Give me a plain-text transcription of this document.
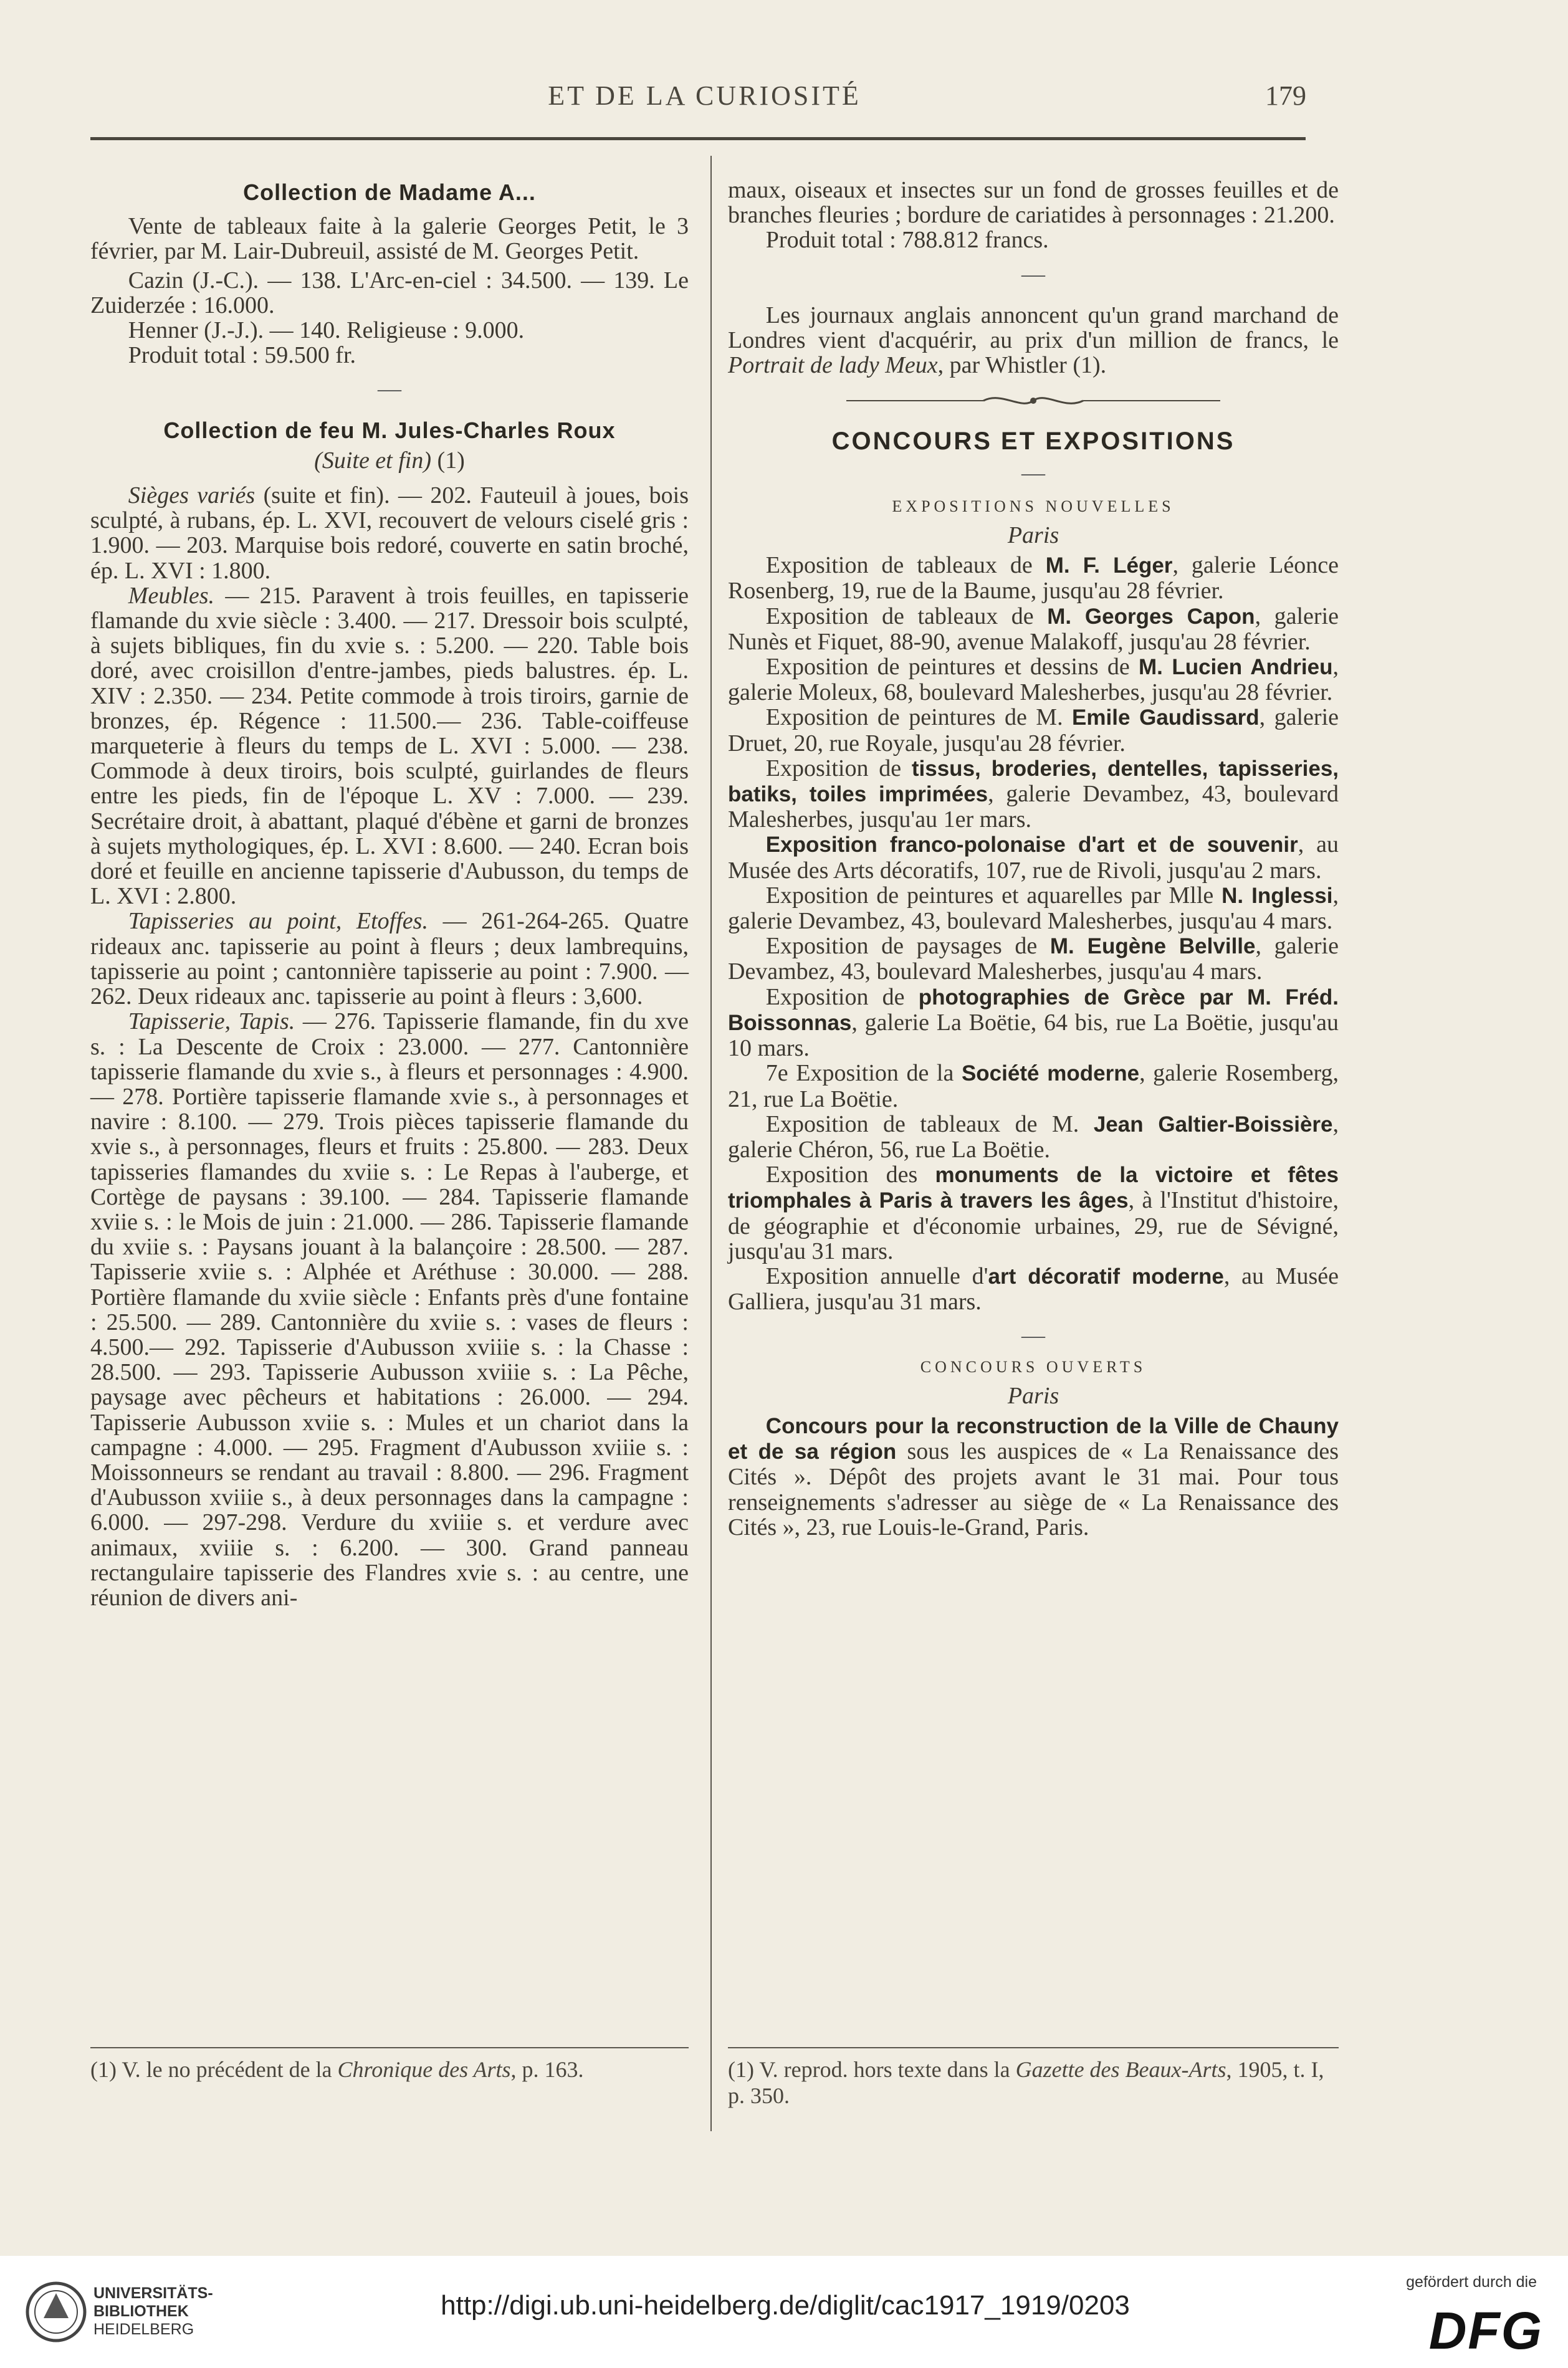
ET DE LA CURIOSITÉ	179
Collection de Madame A...

Vente de tableaux faite à la galerie Georges Petit, le 3 février, par M. Lair-Dubreuil, assisté de M. Georges Petit.

Cazin (J.-C.). — 138. L'Arc-en-ciel : 34.500. — 139. Le Zuiderzée : 16.000.

Henner (J.-J.). — 140. Religieuse : 9.000.

Produit total : 59.500 fr.

—
Collection de feu M. Jules-Charles Roux
(Suite et fin) (1)

Sièges variés (suite et fin). — 202. Fauteuil à joues, bois sculpté, à rubans, ép. L. XVI, recouvert de velours ciselé gris : 1.900. — 203. Marquise bois redoré, couverte en satin broché, ép. L. XVI : 1.800.

Meubles. — 215. Paravent à trois feuilles, en tapisserie flamande du xvie siècle : 3.400. — 217. Dressoir bois sculpté, à sujets bibliques, fin du xvie s. : 5.200. — 220. Table bois doré, avec croisillon d'entre-jambes, pieds balustres. ép. L. XIV : 2.350. — 234. Petite commode à trois tiroirs, garnie de bronzes, ép. Régence : 11.500.— 236. Table-coiffeuse marqueterie à fleurs du temps de L. XVI : 5.000. — 238. Commode à deux tiroirs, bois sculpté, guirlandes de fleurs entre les pieds, fin de l'époque L. XV : 7.000. — 239. Secrétaire droit, à abattant, plaqué d'ébène et garni de bronzes à sujets mythologiques, ép. L. XVI : 8.600. — 240. Ecran bois doré et feuille en ancienne tapisserie d'Aubusson, du temps de L. XVI : 2.800.

Tapisseries au point, Etoffes. — 261-264-265. Quatre rideaux anc. tapisserie au point à fleurs ; deux lambrequins, tapisserie au point ; cantonnière tapisserie au point : 7.900. — 262. Deux rideaux anc. tapisserie au point à fleurs : 3,600.

Tapisserie, Tapis. — 276. Tapisserie flamande, fin du xve s. : La Descente de Croix : 23.000. — 277. Cantonnière tapisserie flamande du xvie s., à fleurs et personnages : 4.900. — 278. Portière tapisserie flamande xvie s., à personnages et navire : 8.100. — 279. Trois pièces tapisserie flamande du xvie s., à personnages, fleurs et fruits : 25.800. — 283. Deux tapisseries flamandes du xviie s. : Le Repas à l'auberge, et Cortège de paysans : 39.100. — 284. Tapisserie flamande xviie s. : le Mois de juin : 21.000. — 286. Tapisserie flamande du xviie s. : Paysans jouant à la balançoire : 28.500. — 287. Tapisserie xviie s. : Alphée et Aréthuse : 30.000. — 288. Portière flamande du xviie siècle : Enfants près d'une fontaine : 25.500. — 289. Cantonnière du xviie s. : vases de fleurs : 4.500.— 292. Tapisserie d'Aubusson xviiie s. : la Chasse : 28.500. — 293. Tapisserie Aubusson xviiie s. : La Pêche, paysage avec pêcheurs et habitations : 26.000. — 294. Tapisserie Aubusson xviie s. : Mules et un chariot dans la campagne : 4.000. — 295. Fragment d'Aubusson xviiie s. : Moissonneurs se rendant au travail : 8.800. — 296. Fragment d'Aubusson xviiie s., à deux personnages dans la campagne : 6.000. — 297-298. Verdure du xviiie s. et verdure avec animaux, xviiie s. : 6.200. — 300. Grand panneau rectangulaire tapisserie des Flandres xvie s. : au centre, une réunion de divers ani-

(1) V. le no précédent de la Chronique des Arts, p. 163.

maux, oiseaux et insectes sur un fond de grosses feuilles et de branches fleuries ; bordure de cariatides à personnages : 21.200.

Produit total : 788.812 francs.

—

Les journaux anglais annoncent qu'un grand marchand de Londres vient d'acquérir, au prix d'un million de francs, le Portrait de lady Meux, par Whistler (1).

CONCOURS ET EXPOSITIONS
—
EXPOSITIONS NOUVELLES
Paris

Exposition de tableaux de M. F. Léger, galerie Léonce Rosenberg, 19, rue de la Baume, jusqu'au 28 février.

Exposition de tableaux de M. Georges Capon, galerie Nunès et Fiquet, 88-90, avenue Malakoff, jusqu'au 28 février.

Exposition de peintures et dessins de M. Lucien Andrieu, galerie Moleux, 68, boulevard Malesherbes, jusqu'au 28 février.

Exposition de peintures de M. Emile Gaudissard, galerie Druet, 20, rue Royale, jusqu'au 28 février.

Exposition de tissus, broderies, dentelles, tapisseries, batiks, toiles imprimées, galerie Devambez, 43, boulevard Malesherbes, jusqu'au 1er mars.

Exposition franco-polonaise d'art et de souvenir, au Musée des Arts décoratifs, 107, rue de Rivoli, jusqu'au 2 mars.

Exposition de peintures et aquarelles par Mlle N. Inglessi, galerie Devambez, 43, boulevard Malesherbes, jusqu'au 4 mars.

Exposition de paysages de M. Eugène Belville, galerie Devambez, 43, boulevard Malesherbes, jusqu'au 4 mars.

Exposition de photographies de Grèce par M. Fréd. Boissonnas, galerie La Boëtie, 64 bis, rue La Boëtie, jusqu'au 10 mars.

7e Exposition de la Société moderne, galerie Rosemberg, 21, rue La Boëtie.

Exposition de tableaux de M. Jean Galtier-Boissière, galerie Chéron, 56, rue La Boëtie.

Exposition des monuments de la victoire et fêtes triomphales à Paris à travers les âges, à l'Institut d'histoire, de géographie et d'économie urbaines, 29, rue de Sévigné, jusqu'au 31 mars.

Exposition annuelle d'art décoratif moderne, au Musée Galliera, jusqu'au 31 mars.

—
CONCOURS OUVERTS
Paris

Concours pour la reconstruction de la Ville de Chauny et de sa région sous les auspices de « La Renaissance des Cités ». Dépôt des projets avant le 31 mai. Pour tous renseignements s'adresser au siège de « La Renaissance des Cités », 23, rue Louis-le-Grand, Paris.

(1) V. reprod. hors texte dans la Gazette des Beaux-Arts, 1905, t. I, p. 350.
UNIVERSITÄTS-
BIBLIOTHEK
HEIDELBERG
http://digi.ub.uni-heidelberg.de/diglit/cac1917_1919/0203
gefördert durch die
DFG
